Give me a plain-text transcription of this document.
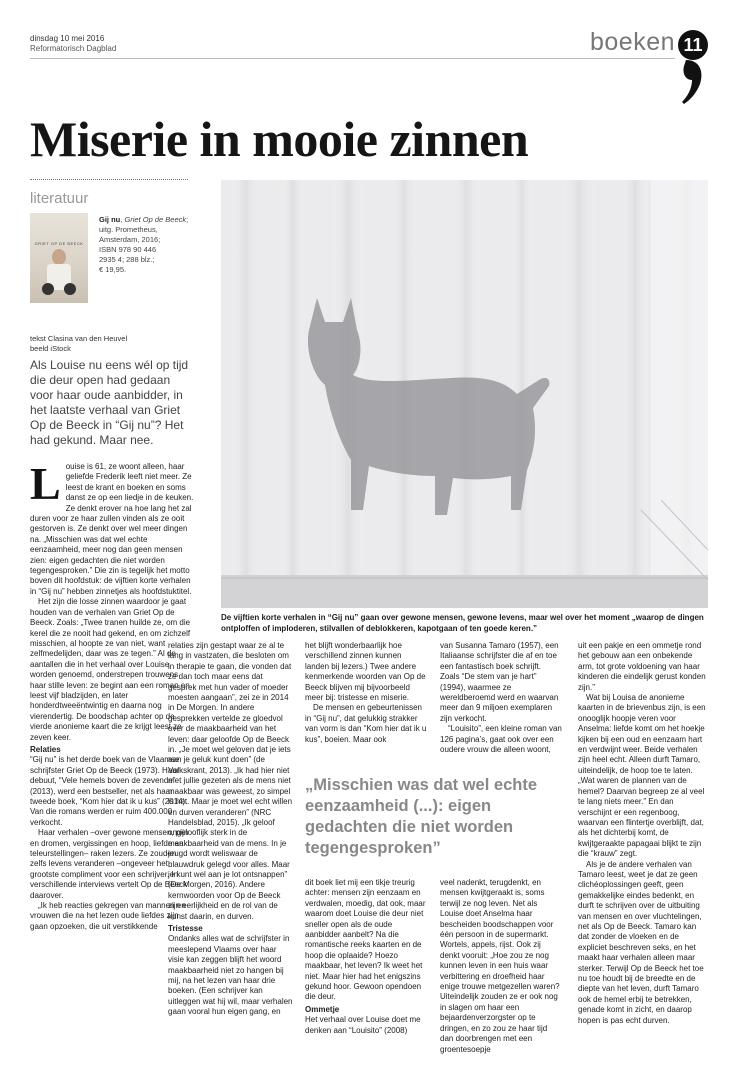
dinsdag 10 mei 2016
Reformatorisch Dagblad	boeken 11
Miserie in mooie zinnen
literatuur
GRIET OP DE BEECK
Gij nu, Griet Op de Beeck;
uitg. Prometheus,
Amsterdam, 2016;
ISBN 978 90 446
2935 4; 288 blz.;
€ 19,95.
tekst Clasina van den Heuvel
beeld iStock
Als Louise nu eens wél op tijd die deur open had gedaan voor haar oude aanbidder, in het laatste verhaal van Griet Op de Beeck in “Gij nu”? Het had gekund. Maar nee.
De vijftien korte verhalen in “Gij nu” gaan over gewone mensen, gewone levens, maar wel over het moment „waarop de dingen ontploffen of imploderen, stilvallen of deblokkeren, kapotgaan of ten goede keren.”

Louise is 61, ze woont alleen, haar geliefde Frederik leeft niet meer. Ze leest de krant en boeken en soms danst ze op een liedje in de keuken. Ze denkt erover na hoe lang het zal duren voor ze haar zullen vinden als ze ooit gestorven is. Ze denkt over wel meer dingen na. „Misschien was dat wel echte eenzaamheid, meer nog dan geen mensen zien: eigen gedachten die niet worden tegengesproken.” Die zin is tegelijk het motto boven dit hoofdstuk: de vijftien korte verhalen in “Gij nu” hebben zinnetjes als hoofdstuktitel.

Het zijn die losse zinnen waardoor je gaat houden van de verhalen van Griet Op de Beeck. Zoals: „Twee tranen huilde ze, om die kerel die ze nooit had gekend, en om zichzelf misschien, al hoopte ze van niet, want zelfmedelijden, daar was ze tegen.” Al de aantallen die in het verhaal over Louise worden genoemd, onderstrepen trouwens haar stille leven: ze begint aan een roman en leest vijf bladzijden, en later honderdtweeëntwintig en daarna nog vierendertig. De boodschap achter op de vierde anonieme kaart die ze krijgt leest ze zeven keer.

Relaties

“Gij nu” is het derde boek van de Vlaamse schrijfster Griet Op de Beeck (1973). Haar debuut, “Vele hemels boven de zevende” (2013), werd een bestseller, net als haar tweede boek, “Kom hier dat ik u kus” (2014). Van die romans werden er ruim 400.000 verkocht.

Haar verhalen –over gewone mensen, pijn en dromen, vergissingen en hoop, liefde en teleurstellingen– raken lezers. Ze zouden zelfs levens veranderen –ongeveer het grootste compliment voor een schrijver. In verschillende interviews vertelt Op de Beeck daarover.

„Ik heb reacties gekregen van mannen en vrouwen die na het lezen oude liefdes zijn gaan opzoeken, die uit verstikkende

relaties zijn gestapt waar ze al te lang in vastzaten, die besloten om in therapie te gaan, die vonden dat ze dan toch maar eens dat gesprek met hun vader of moeder moesten aangaan”, zei ze in 2014 in De Morgen. In andere gesprekken vertelde ze gloedvol over de maakbaarheid van het leven: daar geloofde Op de Beeck in. „Je moet wel geloven dat je iets aan je geluk kunt doen” (de Volkskrant, 2013). „Ik had hier niet met jullie gezeten als de mens niet maakbaar was geweest, zo simpel is het. Maar je moet wel echt willen en durven veranderen” (NRC Handelsblad, 2015). „Ik geloof ongelooflijk sterk in de maakbaarheid van de mens. In je jeugd wordt weliswaar de blauwdruk gelegd voor alles. Maar je kunt wel aan je lot ontsnappen” (De Morgen, 2016). Andere kernwoorden voor Op de Beeck zijn eerlijkheid en de rol van de kunst daarin, en durven.

Tristesse

Ondanks alles wat de schrijfster in meeslepend Vlaams over haar visie kan zeggen blijft het woord maakbaarheid niet zo hangen bij mij, na het lezen van haar drie boeken. (Een schrijver kan uitleggen wat hij wil, maar verhalen gaan vooral hun eigen gang, en

het blijft wonderbaarlijk hoe verschillend zinnen kunnen landen bij lezers.) Twee andere kenmerkende woorden van Op de Beeck blijven mij bijvoorbeeld meer bij: tristesse en miserie.

De mensen en gebeurtenissen in “Gij nu”, dat gelukkig strakker van vorm is dan “Kom hier dat ik u kus”, boeien. Maar ook

„Misschien was dat wel echte eenzaamheid (...): eigen gedachten die niet worden tegengesproken”

dit boek liet mij een tikje treurig achter: mensen zijn eenzaam en verdwalen, moedig, dat ook, maar waarom doet Louise die deur niet sneller open als de oude aanbidder aanbelt? Na die romantische reeks kaarten en de hoop die oplaaide? Hoezo maakbaar, het leven? Ik weet het niet. Maar hier had het enigszins gekund hoor. Gewoon opendoen die deur.

Ommetje

Het verhaal over Louise doet me denken aan “Louisito” (2008)

van Susanna Tamaro (1957), een Italiaanse schrijfster die af en toe een fantastisch boek schrijft. Zoals “De stem van je hart” (1994), waarmee ze wereldberoemd werd en waarvan meer dan 9 miljoen exemplaren zijn verkocht.

“Louisito”, een kleine roman van 126 pagina’s, gaat ook over een oudere vrouw die alleen woont,

veel nadenkt, terugdenkt, en mensen kwijtgeraakt is, soms terwijl ze nog leven. Net als Louise doet Anselma haar bescheiden boodschappen voor één persoon in de supermarkt. Wortels, appels, rijst. Ook zij denkt vooruit: „Hoe zou ze nog kunnen leven in een huis waar verbittering en droefheid haar enige trouwe metgezellen waren? Uiteindelijk zouden ze er ook nog in slagen om haar een bejaardenverzorgster op te dringen, en zo zou ze haar tijd dan doorbrengen met een groentesoepje

uit een pakje en een ommetje rond het gebouw aan een onbekende arm, tot grote voldoening van haar kinderen die eindelijk gerust konden zijn.”

Wat bij Louisa de anonieme kaarten in de brievenbus zijn, is een onooglijk hoopje veren voor Anselma: liefde komt om het hoekje kijken bij een oud en eenzaam hart en verdwijnt weer. Beide verhalen zijn heel echt. Alleen durft Tamaro, uiteindelijk, de hoop toe te laten. „Wat waren de plannen van de hemel? Daarvan begreep ze al veel te lang niets meer.” En dan verschijnt er een regenboog, waarvan een flintertje overblijft, dat, als het dichterbij komt, de kwijtgeraakte papagaai blijkt te zijn die “krauw” zegt.

Als je de andere verhalen van Tamaro leest, weet je dat ze geen clichéoplossingen geeft, geen gemakkelijke eindes bedenkt, en durft te schrijven over de uitbuiting van mensen en over vluchtelingen, net als Op de Beeck. Tamaro kan dat zonder de vloeken en de expliciet beschreven seks, en het maakt haar verhalen alleen maar sterker. Terwijl Op de Beeck het toe nu toe houdt bij de breedte en de diepte van het leven, durft Tamaro ook de hemel erbij te betrekken, genade komt in zicht, en daarop hopen is pas echt durven.
